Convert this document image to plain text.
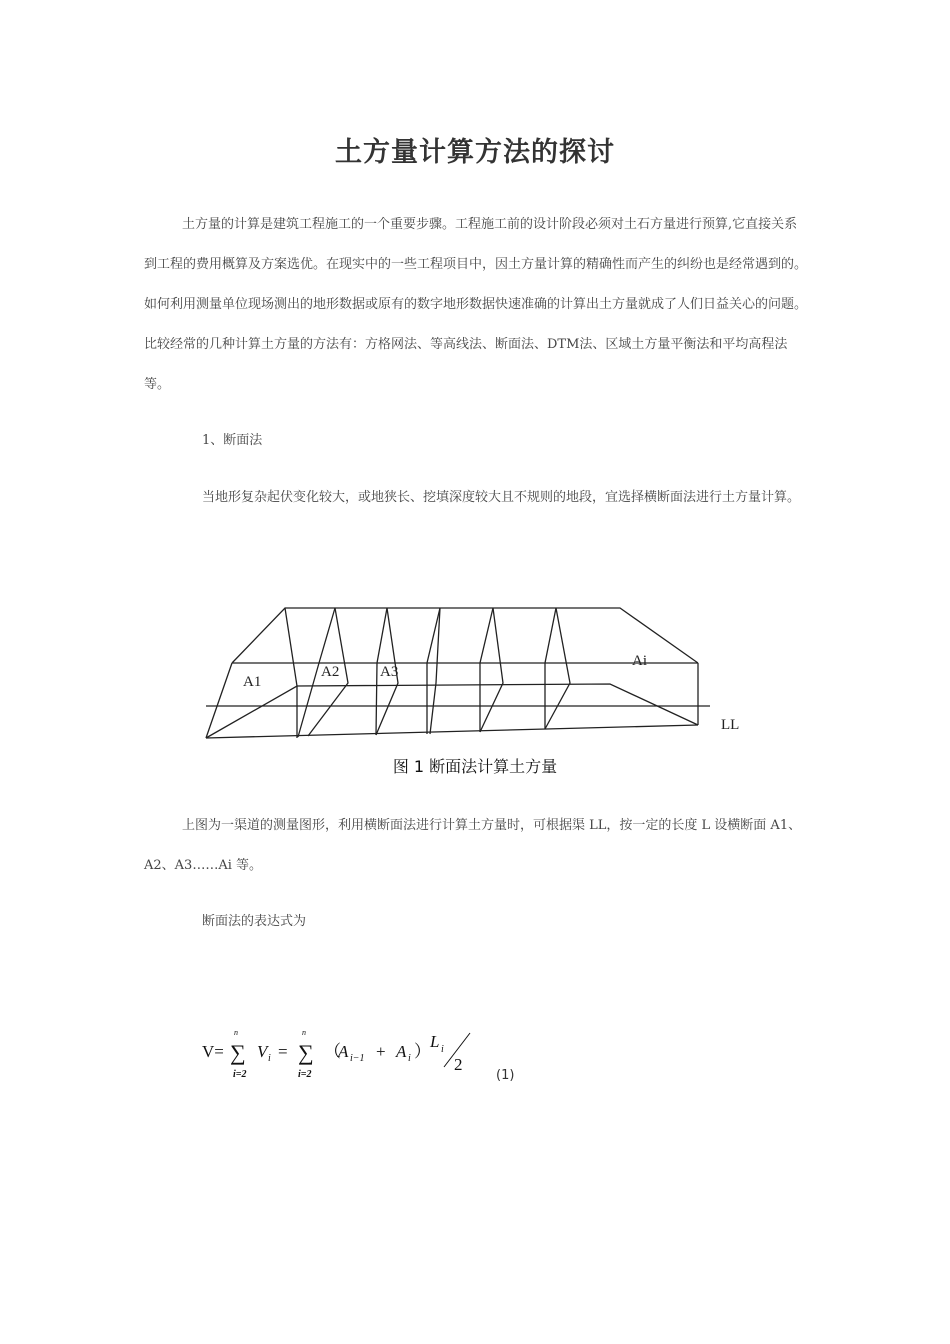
土方量计算方法的探讨

土方量的计算是建筑工程施工的一个重要步骤。工程施工前的设计阶段必须对土石方量进行预算,它直接关系到工程的费用概算及方案选优。在现实中的一些工程项目中，因土方量计算的精确性而产生的纠纷也是经常遇到的。如何利用测量单位现场测出的地形数据或原有的数字地形数据快速准确的计算出土方量就成了人们日益关心的问题。比较经常的几种计算土方量的方法有：方格网法、等高线法、断面法、DTM法、区域土方量平衡法和平均高程法等。

1、断面法

当地形复杂起伏变化较大，或地狭长、挖填深度较大且不规则的地段，宜选择横断面法进行土方量计算。

A1
A2	A3
Ai
LL
图 1 断面法计算土方量

上图为一渠道的测量图形，利用横断面法进行计算土方量时，可根据渠 LL，按一定的长度 L 设横断面 A1、A2、A3……Ai 等。

断面法的表达式为

V=
n
∑
i=2
V i =
n
∑
i=2
（
A i−1 + A i ）
L i
2
(1)
